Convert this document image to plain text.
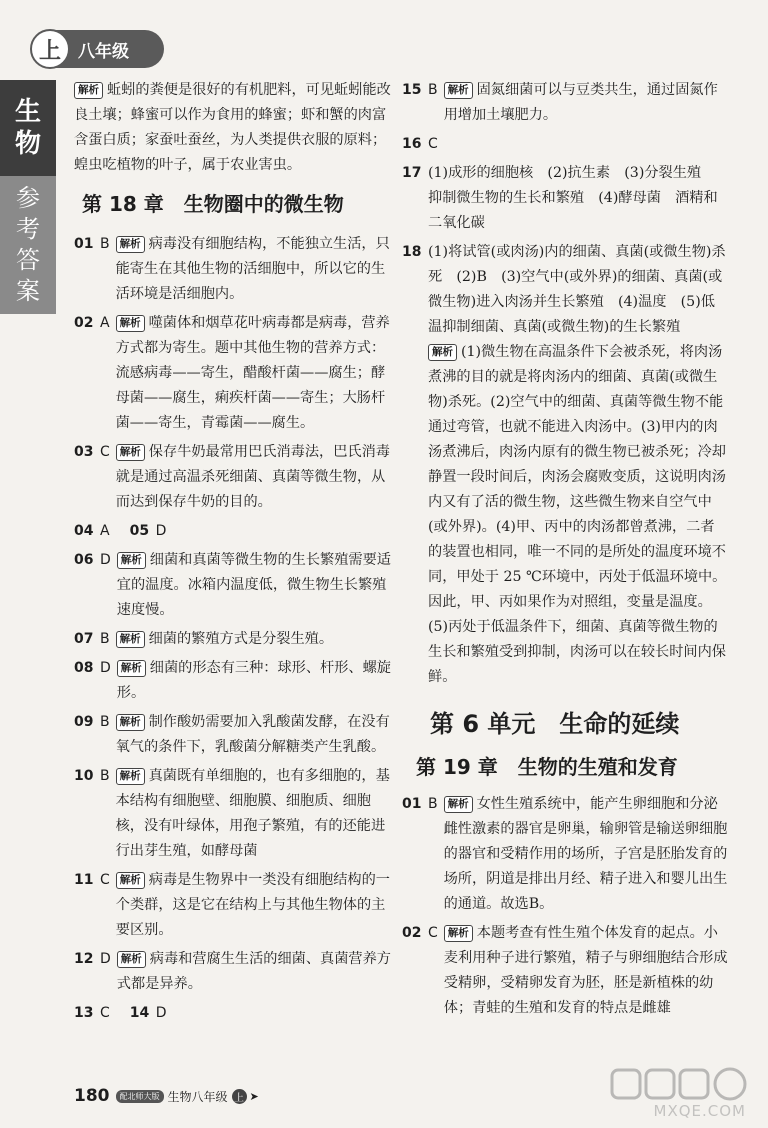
上	八年级
生
物
参
考
答
案
解析 蚯蚓的粪便是很好的有机肥料，可见蚯蚓能改良土壤；蜂蜜可以作为食用的蜂蜜；虾和蟹的肉富含蛋白质；家蚕吐蚕丝，为人类提供衣服的原料；蝗虫吃植物的叶子，属于农业害虫。
第 18 章　生物圈中的微生物
01 B 解析 病毒没有细胞结构，不能独立生活，只能寄生在其他生物的活细胞中，所以它的生活环境是活细胞内。
02 A 解析 噬菌体和烟草花叶病毒都是病毒，营养方式都为寄生。题中其他生物的营养方式：流感病毒——寄生，醋酸杆菌——腐生；酵母菌——腐生，痢疾杆菌——寄生；大肠杆菌——寄生，青霉菌——腐生。
03 C 解析 保存牛奶最常用巴氏消毒法，巴氏消毒就是通过高温杀死细菌、真菌等微生物，从而达到保存牛奶的目的。
04 A 05 D
06 D 解析 细菌和真菌等微生物的生长繁殖需要适宜的温度。冰箱内温度低，微生物生长繁殖速度慢。
07 B 解析 细菌的繁殖方式是分裂生殖。
08 D 解析 细菌的形态有三种：球形、杆形、螺旋形。
09 B 解析 制作酸奶需要加入乳酸菌发酵，在没有氧气的条件下，乳酸菌分解糖类产生乳酸。
10 B 解析 真菌既有单细胞的，也有多细胞的，基本结构有细胞壁、细胞膜、细胞质、细胞核，没有叶绿体，用孢子繁殖，有的还能进行出芽生殖，如酵母菌
11 C 解析 病毒是生物界中一类没有细胞结构的一个类群，这是它在结构上与其他生物体的主要区别。
12 D 解析 病毒和营腐生生活的细菌、真菌营养方式都是异养。
13 C 14 D
15 B 解析 固氮细菌可以与豆类共生，通过固氮作用增加土壤肥力。
16 C
17 (1)成形的细胞核　(2)抗生素　(3)分裂生殖　抑制微生物的生长和繁殖　(4)酵母菌　酒精和二氧化碳
18 (1)将试管(或肉汤)内的细菌、真菌(或微生物)杀死　(2)B　(3)空气中(或外界)的细菌、真菌(或微生物)进入肉汤并生长繁殖　(4)温度　(5)低温抑制细菌、真菌(或微生物)的生长繁殖
解析 (1)微生物在高温条件下会被杀死，将肉汤煮沸的目的就是将肉汤内的细菌、真菌(或微生物)杀死。(2)空气中的细菌、真菌等微生物不能通过弯管，也就不能进入肉汤中。(3)甲内的肉汤煮沸后，肉汤内原有的微生物已被杀死；冷却静置一段时间后，肉汤会腐败变质，这说明肉汤内又有了活的微生物，这些微生物来自空气中(或外界)。(4)甲、丙中的肉汤都曾煮沸，二者的装置也相同，唯一不同的是所处的温度环境不同，甲处于 25 ℃环境中，丙处于低温环境中。因此，甲、丙如果作为对照组，变量是温度。(5)丙处于低温条件下，细菌、真菌等微生物的生长和繁殖受到抑制，肉汤可以在较长时间内保鲜。
第 6 单元　生命的延续
第 19 章　生物的生殖和发育
01 B 解析 女性生殖系统中，能产生卵细胞和分泌雌性激素的器官是卵巢，输卵管是输送卵细胞的器官和受精作用的场所，子宫是胚胎发育的场所，阴道是排出月经、精子进入和婴儿出生的通道。故选B。
02 C 解析 本题考查有性生殖个体发育的起点。小麦利用种子进行繁殖，精子与卵细胞结合形成受精卵，受精卵发育为胚，胚是新植株的幼体；青蛙的生殖和发育的特点是雌雄
180	配北师大版 生物八年级 上 ➤
MXQE.COM
